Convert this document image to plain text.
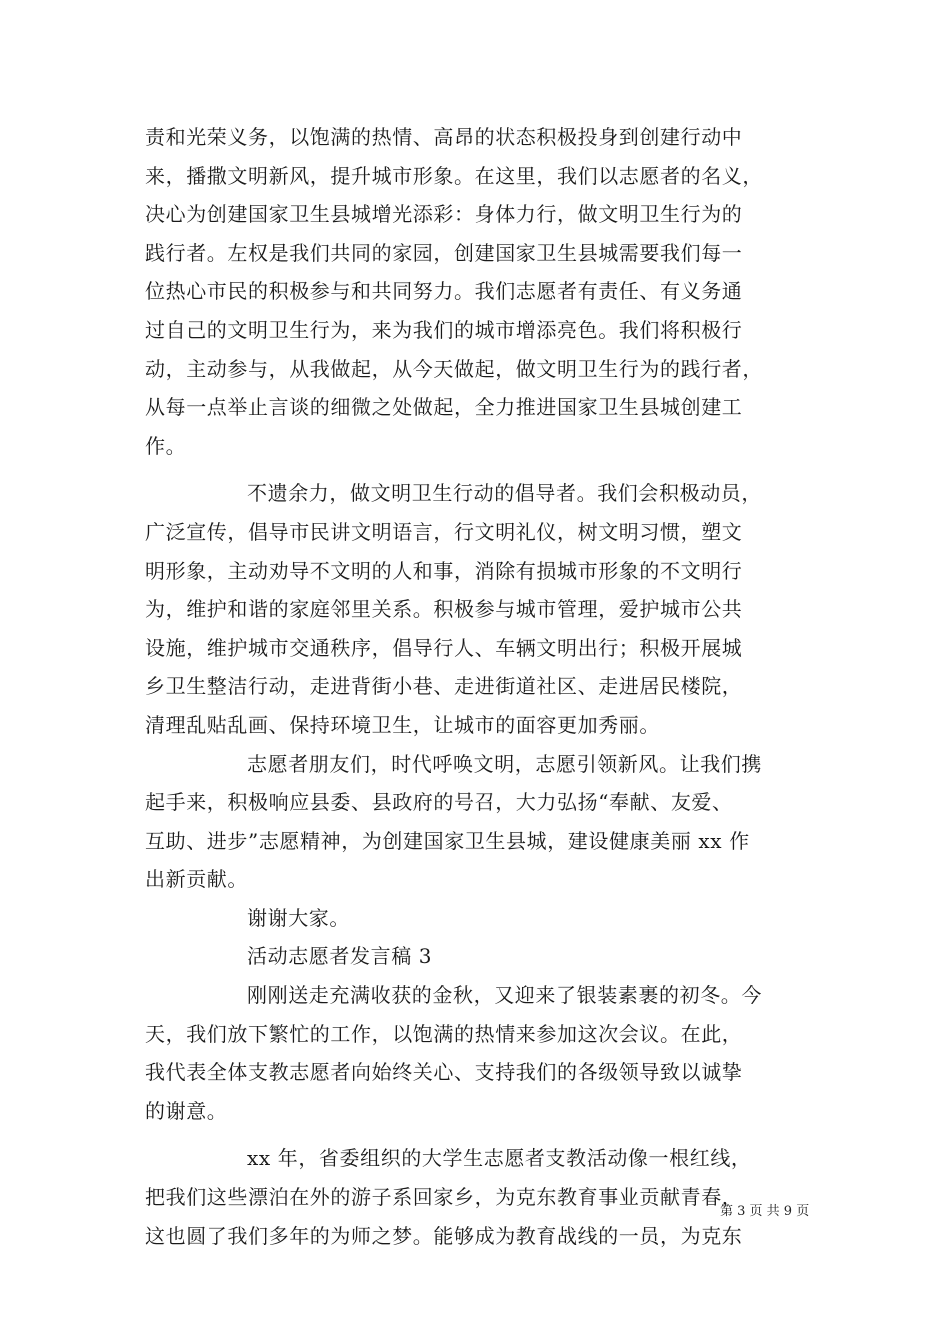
责和光荣义务，以饱满的热情、高昂的状态积极投身到创建行动中
来，播撒文明新风，提升城市形象。在这里，我们以志愿者的名义，
决心为创建国家卫生县城增光添彩：身体力行，做文明卫生行为的
践行者。左权是我们共同的家园，创建国家卫生县城需要我们每一
位热心市民的积极参与和共同努力。我们志愿者有责任、有义务通
过自己的文明卫生行为，来为我们的城市增添亮色。我们将积极行
动，主动参与，从我做起，从今天做起，做文明卫生行为的践行者，
从每一点举止言谈的细微之处做起，全力推进国家卫生县城创建工
作。
不遗余力，做文明卫生行动的倡导者。我们会积极动员，
广泛宣传，倡导市民讲文明语言，行文明礼仪，树文明习惯，塑文
明形象，主动劝导不文明的人和事，消除有损城市形象的不文明行
为，维护和谐的家庭邻里关系。积极参与城市管理，爱护城市公共
设施，维护城市交通秩序，倡导行人、车辆文明出行；积极开展城
乡卫生整洁行动，走进背街小巷、走进街道社区、走进居民楼院，
清理乱贴乱画、保持环境卫生，让城市的面容更加秀丽。
志愿者朋友们，时代呼唤文明，志愿引领新风。让我们携
起手来，积极响应县委、县政府的号召，大力弘扬“奉献、友爱、
互助、进步”志愿精神，为创建国家卫生县城，建设健康美丽 xx 作
出新贡献。
谢谢大家。
活动志愿者发言稿 3
刚刚送走充满收获的金秋，又迎来了银装素裹的初冬。今
天，我们放下繁忙的工作，以饱满的热情来参加这次会议。在此，
我代表全体支教志愿者向始终关心、支持我们的各级领导致以诚挚
的谢意。
xx 年，省委组织的大学生志愿者支教活动像一根红线，
把我们这些漂泊在外的游子系回家乡，为克东教育事业贡献青春，
这也圆了我们多年的为师之梦。能够成为教育战线的一员，为克东
第 3 页 共 9 页
